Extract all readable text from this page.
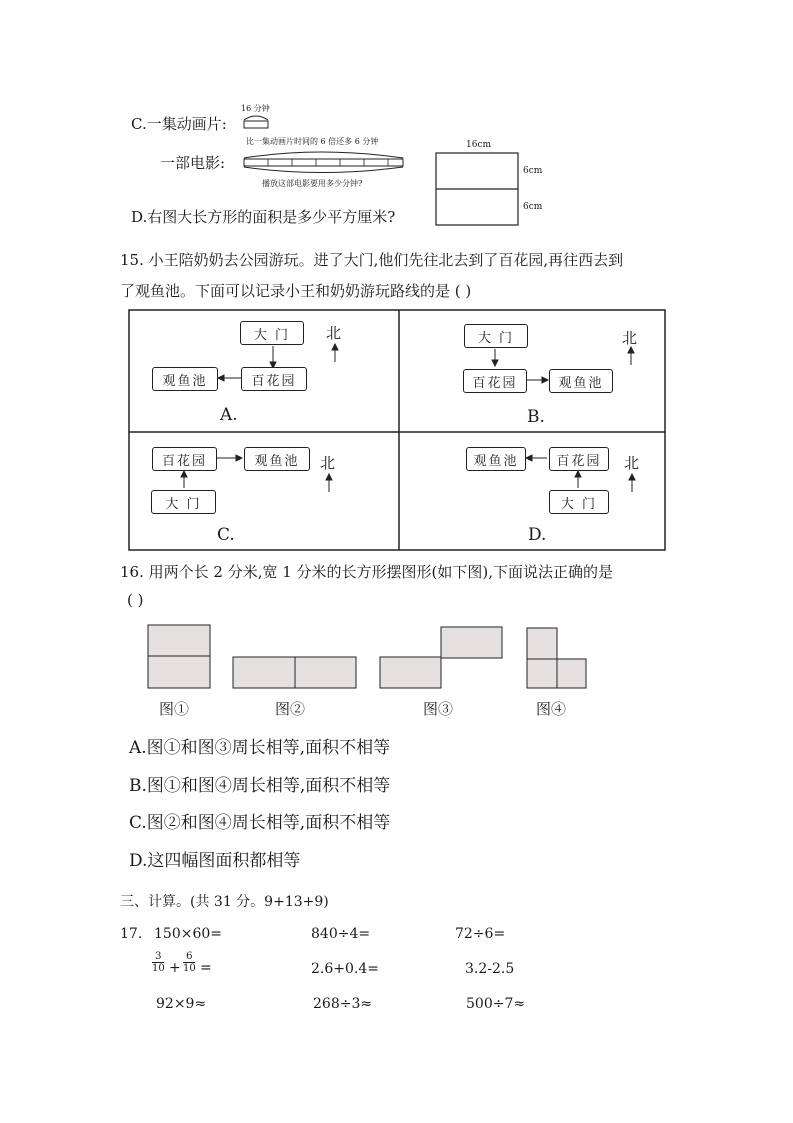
C.一集动画片:
16 分钟
一部电影:
比一集动画片时间的 6 倍还多 6 分钟
播放这部电影要用多少分钟?
D.右图大长方形的面积是多少平方厘米?
16cm
6cm
6cm
15. 小王陪奶奶去公园游玩。进了大门,他们先往北去到了百花园,再往西去到
了观鱼池。下面可以记录小王和奶奶游玩路线的是 ( )
大 门
观鱼池	百花园
北
A.
大 门
百花园	观鱼池
北
B.
百花园	观鱼池
大 门
北
C.
观鱼池	百花园
大 门
北
D.
16. 用两个长 2 分米,宽 1 分米的长方形摆图形(如下图),下面说法正确的是
( )
图①	图②	图③	图④
A.图①和图③周长相等,面积不相等
B.图①和图④周长相等,面积不相等
C.图②和图④周长相等,面积不相等
D.这四幅图面积都相等
三、计算。(共 31 分。9+13+9)
17. 150×60=	840÷4=	72÷6=
3
10 +
6
10 =	2.6+0.4=	3.2-2.5
92×9≈	268÷3≈	500÷7≈
